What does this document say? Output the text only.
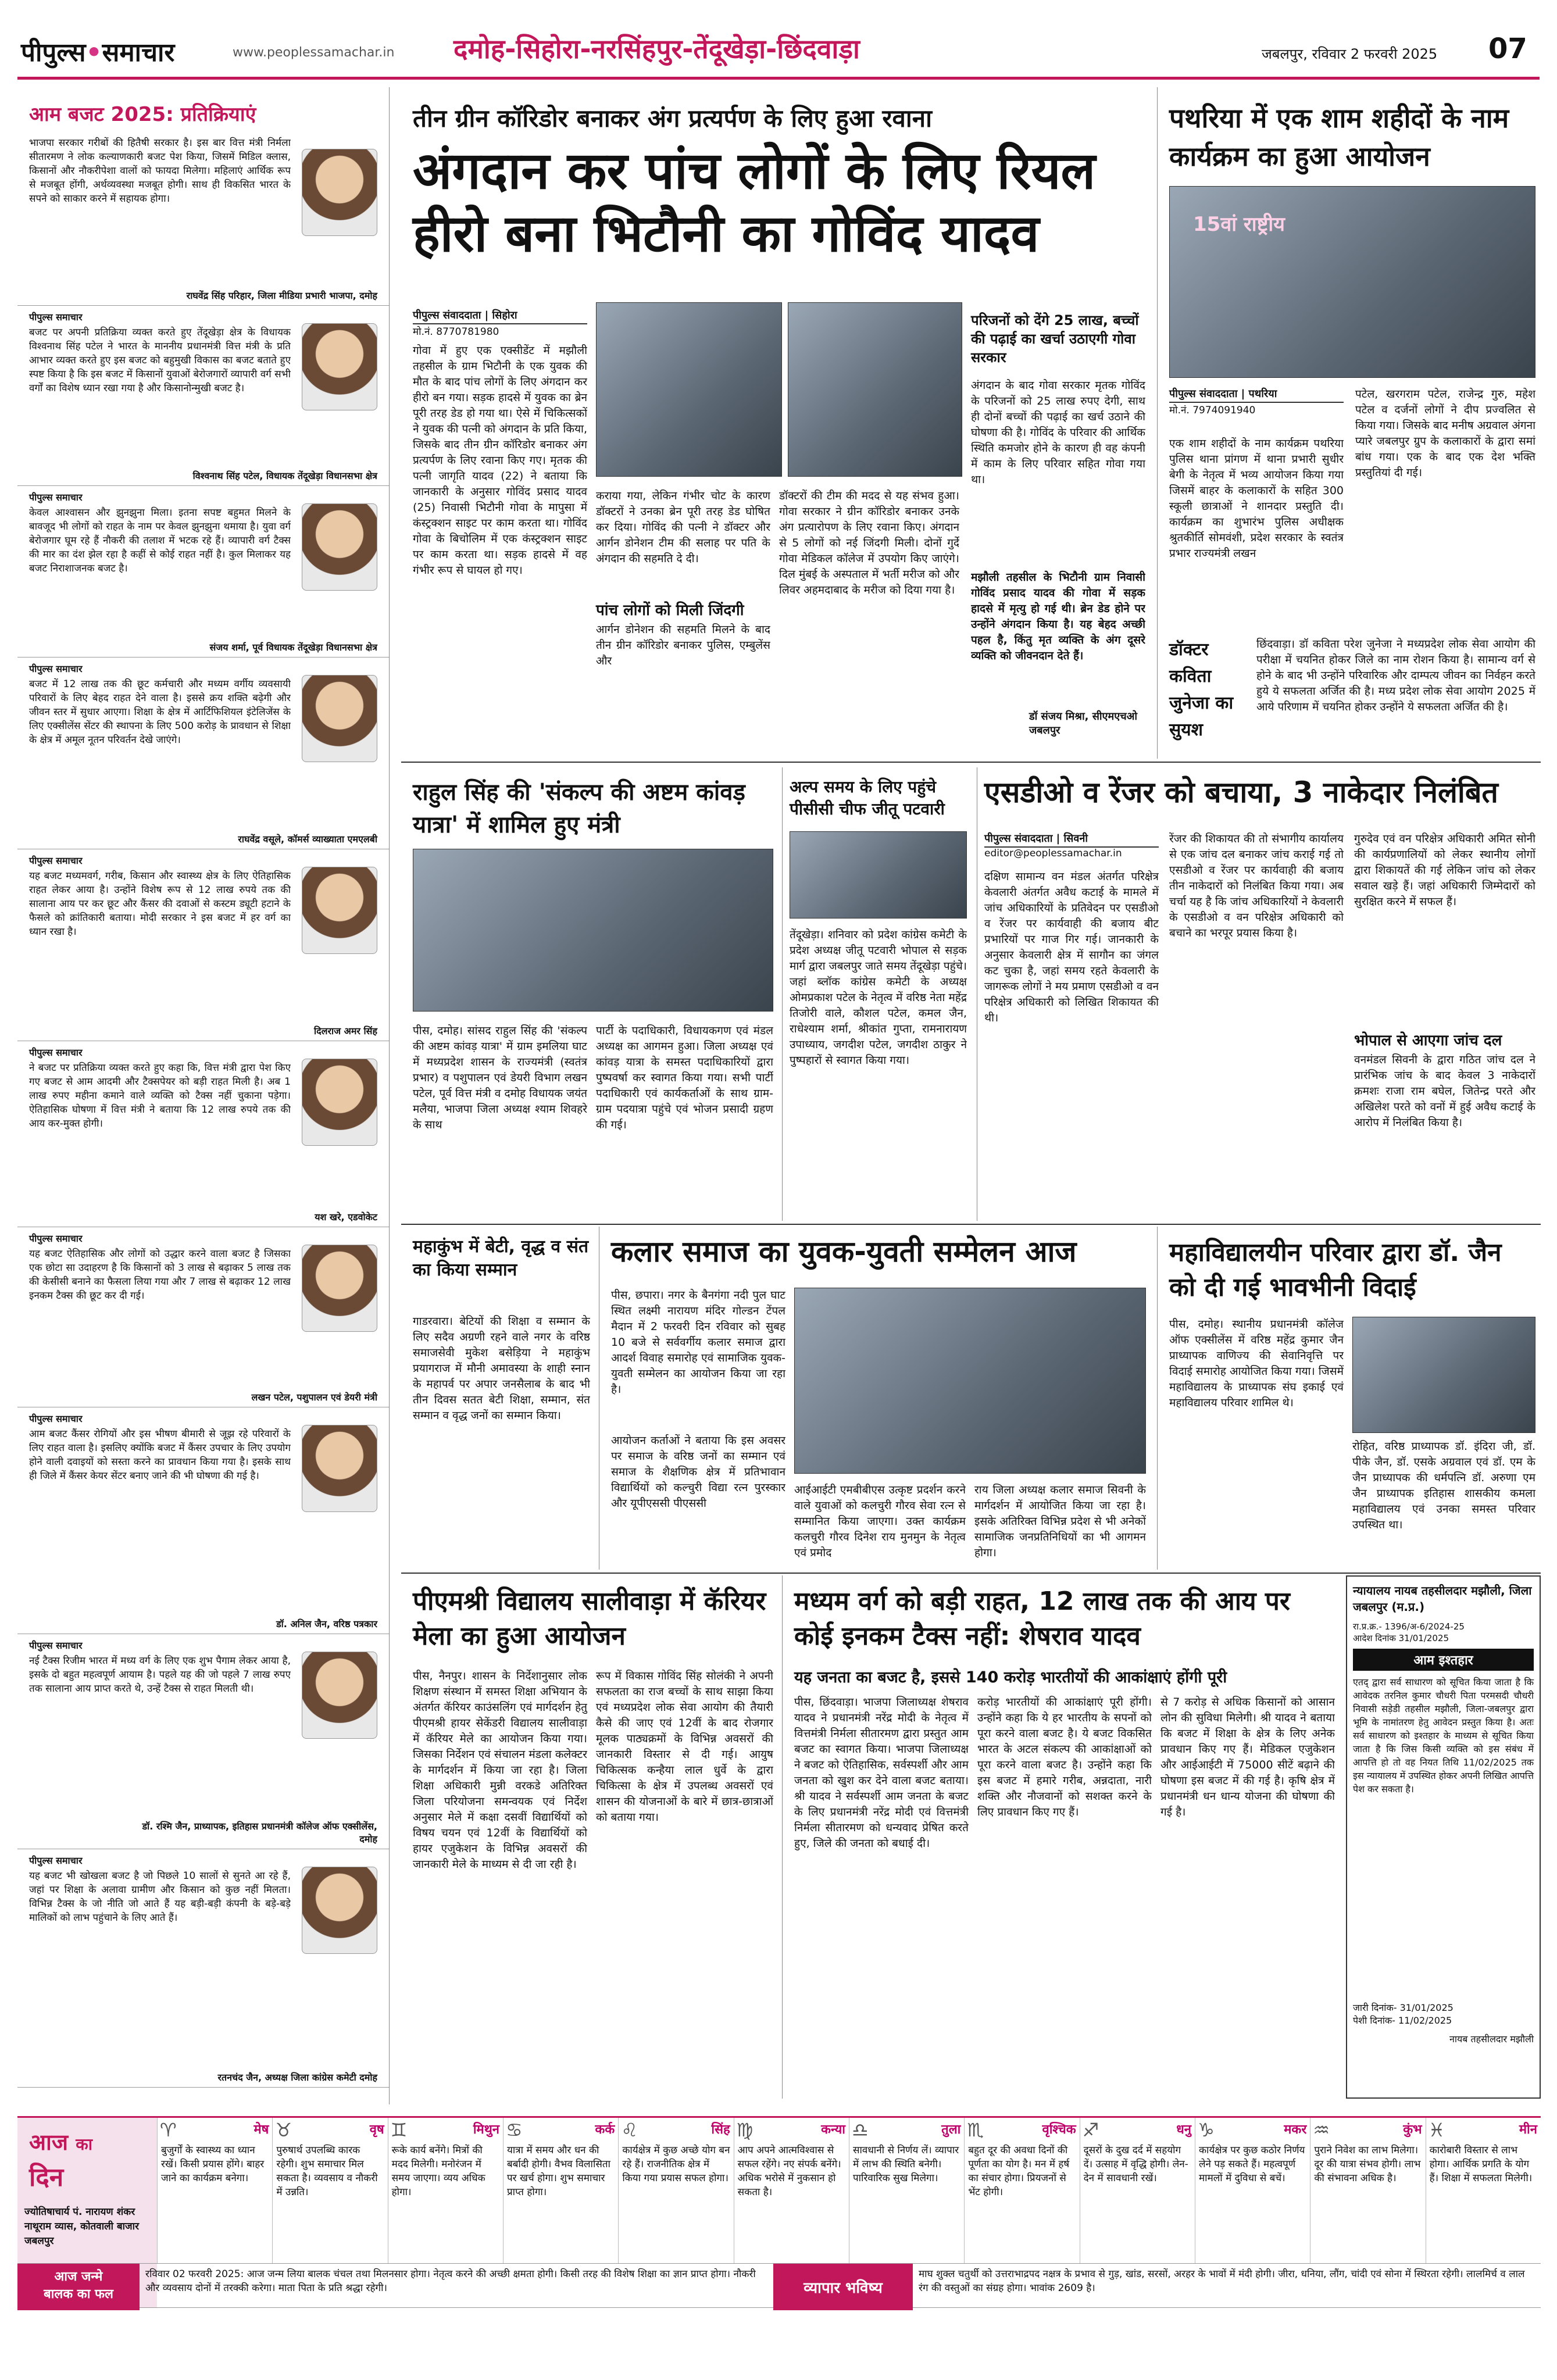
पीपुल्स•समाचार	www.peoplessamachar.in दमोह-सिहोरा-नरसिंहपुर-तेंदूखेड़ा-छिंदवाड़ा	जबलपुर, रविवार 2 फरवरी 2025 07
आम बजट 2025: प्रतिक्रियाएं
भाजपा सरकार गरीबों की हितैषी सरकार है। इस बार वित्त मंत्री निर्मला सीतारमण ने लोक कल्याणकारी बजट पेश किया, जिसमें मिडिल क्लास, किसानों और नौकरीपेशा वालों को फायदा मिलेगा। महिलाएं आर्थिक रूप से मजबूत होंगी, अर्थव्यवस्था मजबूत होगी। साथ ही विकसित भारत के सपने को साकार करने में सहायक होगा।
राघवेंद्र सिंह परिहार, जिला मीडिया प्रभारी भाजपा, दमोह
पीपुल्स समाचार
बजट पर अपनी प्रतिक्रिया व्यक्त करते हुए तेंदूखेड़ा क्षेत्र के विधायक विश्वनाथ सिंह पटेल ने भारत के माननीय प्रधानमंत्री वित्त मंत्री के प्रति आभार व्यक्त करते हुए इस बजट को बहुमुखी विकास का बजट बताते हुए स्पष्ट किया है कि इस बजट में किसानों युवाओं बेरोजगारों व्यापारी वर्ग सभी वर्गों का विशेष ध्यान रखा गया है और किसानोन्मुखी बजट है।
विश्वनाथ सिंह पटेल, विधायक तेंदूखेड़ा विधानसभा क्षेत्र
पीपुल्स समाचार
केवल आश्वासन और झुनझुना मिला। इतना सपष्ट बहुमत मिलने के बावजूद भी लोगों को राहत के नाम पर केवल झुनझुना थमाया है। युवा वर्ग बेरोजगार घूम रहे हैं नौकरी की तलाश में भटक रहे हैं। व्यापारी वर्ग टैक्स की मार का दंश झेल रहा है कहीं से कोई राहत नहीं है। कुल मिलाकर यह बजट निराशाजनक बजट है।
संजय शर्मा, पूर्व विधायक तेंदूखेड़ा विधानसभा क्षेत्र
पीपुल्स समाचार
बजट में 12 लाख तक की छूट कर्मचारी और मध्यम वर्गीय व्यवसायी परिवारों के लिए बेहद राहत देने वाला है। इससे क्रय शक्ति बढ़ेगी और जीवन स्तर में सुधार आएगा। शिक्षा के क्षेत्र में आर्टिफिशियल इंटेलिजेंस के लिए एक्सीलेंस सेंटर की स्थापना के लिए 500 करोड़ के प्रावधान से शिक्षा के क्षेत्र में अमूल नूतन परिवर्तन देखे जाएंगे।
राघवेंद्र वसूले, कॉमर्स व्याख्याता एमएलबी
पीपुल्स समाचार
यह बजट मध्यमवर्ग, गरीब, किसान और स्वास्थ्य क्षेत्र के लिए ऐतिहासिक राहत लेकर आया है। उन्होंने विशेष रूप से 12 लाख रुपये तक की सालाना आय पर कर छूट और कैंसर की दवाओं से कस्टम ड्यूटी हटाने के फैसले को क्रांतिकारी बताया। मोदी सरकार ने इस बजट में हर वर्ग का ध्यान रखा है।
दिलराज अमर सिंह
पीपुल्स समाचार
ने बजट पर प्रतिक्रिया व्यक्त करते हुए कहा कि, वित्त मंत्री द्वारा पेश किए गए बजट से आम आदमी और टैक्सपेयर को बड़ी राहत मिली है। अब 1 लाख रुपए महीना कमाने वाले व्यक्ति को टैक्स नहीं चुकाना पड़ेगा। ऐतिहासिक घोषणा में वित्त मंत्री ने बताया कि 12 लाख रुपये तक की आय कर-मुक्त होगी।
यश खरे, एडवोकेट
पीपुल्स समाचार
यह बजट ऐतिहासिक और लोगों को उद्धार करने वाला बजट है जिसका एक छोटा सा उदाहरण है कि किसानों को 3 लाख से बढ़ाकर 5 लाख तक की केसीसी बनाने का फैसला लिया गया और 7 लाख से बढ़ाकर 12 लाख इनकम टैक्स की छूट कर दी गई।
लखन पटेल, पशुपालन एवं डेयरी मंत्री
पीपुल्स समाचार
आम बजट कैंसर रोगियों और इस भीषण बीमारी से जूझ रहे परिवारों के लिए राहत वाला है। इसलिए क्योंकि बजट में कैंसर उपचार के लिए उपयोग होने वाली दवाइयों को सस्ता करने का प्रावधान किया गया है। इसके साथ ही जिले में कैंसर केयर सेंटर बनाए जाने की भी घोषणा की गई है।
डॉ. अनिल जैन, वरिष्ठ पत्रकार
पीपुल्स समाचार
नई टैक्स रिजीम भारत में मध्य वर्ग के लिए एक शुभ पैगाम लेकर आया है, इसके दो बहुत महत्वपूर्ण आयाम है। पहले यह की जो पहले 7 लाख रुपए तक सालाना आय प्राप्त करते थे, उन्हें टैक्स से राहत मिलती थी।
डॉ. रश्मि जैन, प्राध्यापक, इतिहास प्रधानमंत्री कॉलेज ऑफ एक्सीलेंस, दमोह
पीपुल्स समाचार
यह बजट भी खोखला बजट है जो पिछले 10 सालों से सुनते आ रहे हैं, जहां पर शिक्षा के अलावा ग्रामीण और किसान को कुछ नहीं मिलता। विभिन्न टैक्स के जो नीति जो आते हैं यह बड़ी-बड़ी कंपनी के बड़े-बड़े मालिकों को लाभ पहुंचाने के लिए आते हैं।
रतनचंद जैन, अध्यक्ष जिला कांग्रेस कमेटी दमोह
तीन ग्रीन कॉरिडोर बनाकर अंग प्रत्यर्पण के लिए हुआ रवाना
अंगदान कर पांच लोगों के लिए रियल हीरो बना भिटौनी का गोविंद यादव
पीपुल्स संवाददाता | सिहोरा
मो.नं. 8770781980
गोवा में हुए एक एक्सीडेंट में मझौली तहसील के ग्राम भिटौनी के एक युवक की मौत के बाद पांच लोगों के लिए अंगदान कर हीरो बन गया। सड़क हादसे में युवक का ब्रेन पूरी तरह डेड हो गया था। ऐसे में चिकित्सकों ने युवक की पत्नी को अंगदान के प्रति किया, जिसके बाद तीन ग्रीन कॉरिडोर बनाकर अंग प्रत्यर्पण के लिए रवाना किए गए। मृतक की पत्नी जागृति यादव (22) ने बताया कि जानकारी के अनुसार गोविंद प्रसाद यादव (25) निवासी भिटौनी गोवा के मापुसा में कंस्ट्रक्शन साइट पर काम करता था। गोविंद गोवा के बिचोलिम में एक कंस्ट्रक्शन साइट पर काम करता था। सड़क हादसे में वह गंभीर रूप से घायल हो गए।
कराया गया, लेकिन गंभीर चोट के कारण डॉक्टरों ने उनका ब्रेन पूरी तरह डेड घोषित कर दिया। गोविंद की पत्नी ने डॉक्टर और आर्गन डोनेशन टीम की सलाह पर पति के अंगदान की सहमति दे दी।
पांच लोगों को मिली जिंदगी
आर्गन डोनेशन की सहमति मिलने के बाद तीन ग्रीन कॉरिडोर बनाकर पुलिस, एम्बुलेंस और
डॉक्टरों की टीम की मदद से यह संभव हुआ। गोवा सरकार ने ग्रीन कॉरिडोर बनाकर उनके अंग प्रत्यारोपण के लिए रवाना किए। अंगदान से 5 लोगों को नई जिंदगी मिली। दोनों गुर्दे गोवा मेडिकल कॉलेज में उपयोग किए जाएंगे। दिल मुंबई के अस्पताल में भर्ती मरीज को और लिवर अहमदाबाद के मरीज को दिया गया है।
परिजनों को देंगे 25 लाख, बच्चों की पढ़ाई का खर्चा उठाएगी गोवा सरकार
अंगदान के बाद गोवा सरकार मृतक गोविंद के परिजनों को 25 लाख रुपए देगी, साथ ही दोनों बच्चों की पढ़ाई का खर्च उठाने की घोषणा की है। गोविंद के परिवार की आर्थिक स्थिति कमजोर होने के कारण ही वह कंपनी में काम के लिए परिवार सहित गोवा गया था।
मझौली तहसील के भिटौनी ग्राम निवासी गोविंद प्रसाद यादव की गोवा में सड़क हादसे में मृत्यु हो गई थी। ब्रेन डेड होने पर उन्होंने अंगदान किया है। यह बेहद अच्छी पहल है, किंतु मृत व्यक्ति के अंग दूसरे व्यक्ति को जीवनदान देते हैं।
डॉ संजय मिश्रा, सीएमएचओ जबलपुर
पथरिया में एक शाम शहीदों के नाम कार्यक्रम का हुआ आयोजन
15वां राष्ट्रीय
पीपुल्स संवाददाता | पथरिया
मो.नं. 7974091940
एक शाम शहीदों के नाम कार्यक्रम पथरिया पुलिस थाना प्रांगण में थाना प्रभारी सुधीर बेगी के नेतृत्व में भव्य आयोजन किया गया जिसमें बाहर के कलाकारों के सहित 300 स्कूली छात्राओं ने शानदार प्रस्तुति दी। कार्यक्रम का शुभारंभ पुलिस अधीक्षक श्रुतकीर्ति सोमवंशी, प्रदेश सरकार के स्वतंत्र प्रभार राज्यमंत्री लखन
पटेल, खरगराम पटेल, राजेन्द्र गुरु, महेश पटेल व दर्जनों लोगों ने दीप प्रज्वलित से किया गया। जिसके बाद मनीष अग्रवाल अंगना प्यारे जबलपुर ग्रुप के कलाकारों के द्वारा समां बांध गया। एक के बाद एक देश भक्ति प्रस्तुतियां दी गई।
डॉक्टर कविता जुनेजा का सुयश
छिंदवाड़ा। डॉ कविता परेश जुनेजा ने मध्यप्रदेश लोक सेवा आयोग की परीक्षा में चयनित होकर जिले का नाम रोशन किया है। सामान्य वर्ग से होने के बाद भी उन्होंने परिवारिक और दाम्पत्य जीवन का निर्वहन करते हुये ये सफलता अर्जित की है। मध्य प्रदेश लोक सेवा आयोग 2025 में आये परिणाम में चयनित होकर उन्होंने ये सफलता अर्जित की है।
राहुल सिंह की 'संकल्प की अष्टम कांवड़ यात्रा' में शामिल हुए मंत्री
पीस, दमोह। सांसद राहुल सिंह की 'संकल्प की अष्टम कांवड़ यात्रा' में ग्राम इमलिया घाट में मध्यप्रदेश शासन के राज्यमंत्री (स्वतंत्र प्रभार) व पशुपालन एवं डेयरी विभाग लखन पटेल, पूर्व वित्त मंत्री व दमोह विधायक जयंत मलैया, भाजपा जिला अध्यक्ष श्याम शिवहरे के साथ
पार्टी के पदाधिकारी, विधायकगण एवं मंडल अध्यक्ष का आगमन हुआ। जिला अध्यक्ष एवं कांवड़ यात्रा के समस्त पदाधिकारियों द्वारा पुष्पवर्षा कर स्वागत किया गया। सभी पार्टी पदाधिकारी एवं कार्यकर्ताओं के साथ ग्राम-ग्राम पदयात्रा पहुंचे एवं भोजन प्रसादी ग्रहण की गई।
अल्प समय के लिए पहुंचे पीसीसी चीफ जीतू पटवारी
तेंदूखेड़ा। शनिवार को प्रदेश कांग्रेस कमेटी के प्रदेश अध्यक्ष जीतू पटवारी भोपाल से सड़क मार्ग द्वारा जबलपुर जाते समय तेंदूखेड़ा पहुंचे। जहां ब्लॉक कांग्रेस कमेटी के अध्यक्ष ओमप्रकाश पटेल के नेतृत्व में वरिष्ठ नेता महेंद्र तिजोरी वाले, कौशल पटेल, कमल जैन, राधेश्याम शर्मा, श्रीकांत गुप्ता, रामनारायण उपाध्याय, जगदीश पटेल, जगदीश ठाकुर ने पुष्पहारों से स्वागत किया गया।
एसडीओ व रेंजर को बचाया, 3 नाकेदार निलंबित
पीपुल्स संवाददाता | सिवनी
editor@peoplessamachar.in
दक्षिण सामान्य वन मंडल अंतर्गत परिक्षेत्र केवलारी अंतर्गत अवैध कटाई के मामले में जांच अधिकारियों के प्रतिवेदन पर एसडीओ व रेंजर पर कार्यवाही की बजाय बीट प्रभारियों पर गाज गिर गई। जानकारी के अनुसार केवलारी क्षेत्र में सागौन का जंगल कट चुका है, जहां समय रहते केवलारी के जागरूक लोगों ने मय प्रमाण एसडीओ व वन परिक्षेत्र अधिकारी को लिखित शिकायत की थी।
रेंजर की शिकायत की तो संभागीय कार्यालय से एक जांच दल बनाकर जांच कराई गई तो एसडीओ व रेंजर पर कार्यवाही की बजाय तीन नाकेदारों को निलंबित किया गया। अब चर्चा यह है कि जांच अधिकारियों ने केवलारी के एसडीओ व वन परिक्षेत्र अधिकारी को बचाने का भरपूर प्रयास किया है।
गुरुदेव एवं वन परिक्षेत्र अधिकारी अमित सोनी की कार्यप्रणालियों को लेकर स्थानीय लोगों द्वारा शिकायतें की गई लेकिन जांच को लेकर सवाल खड़े हैं। जहां अधिकारी जिम्मेदारों को सुरक्षित करने में सफल हैं।
भोपाल से आएगा जांच दल
वनमंडल सिवनी के द्वारा गठित जांच दल ने प्रारंभिक जांच के बाद केवल 3 नाकेदारों क्रमशः राजा राम बघेल, जितेन्द्र परते और अखिलेश परते को वनों में हुई अवैध कटाई के आरोप में निलंबित किया है।
महाकुंभ में बेटी, वृद्ध व संत का किया सम्मान
गाडरवारा। बेटियों की शिक्षा व सम्मान के लिए सदैव अग्रणी रहने वाले नगर के वरिष्ठ समाजसेवी मुकेश बसेड़िया ने महाकुंभ प्रयागराज में मौनी अमावस्या के शाही स्नान के महापर्व पर अपार जनसैलाब के बाद भी तीन दिवस सतत बेटी शिक्षा, सम्मान, संत सम्मान व वृद्ध जनों का सम्मान किया।
कलार समाज का युवक-युवती सम्मेलन आज
पीस, छपारा। नगर के बैनगंगा नदी पुल घाट स्थित लक्ष्मी नारायण मंदिर गोल्डन टेंपल मैदान में 2 फरवरी दिन रविवार को सुबह 10 बजे से सर्ववर्गीय कलार समाज द्वारा आदर्श विवाह समारोह एवं सामाजिक युवक-युवती सम्मेलन का आयोजन किया जा रहा है।
आयोजन कर्ताओं ने बताया कि इस अवसर पर समाज के वरिष्ठ जनों का सम्मान एवं समाज के शैक्षणिक क्षेत्र में प्रतिभावान विद्यार्थियों को कल्चुरी विद्या रत्न पुरस्कार और यूपीएससी पीएससी
आईआईटी एमबीबीएस उत्कृष्ट प्रदर्शन करने वाले युवाओं को कलचुरी गौरव सेवा रत्न से सम्मानित किया जाएगा। उक्त कार्यक्रम कलचुरी गौरव दिनेश राय मुनमुन के नेतृत्व एवं प्रमोद
राय जिला अध्यक्ष कलार समाज सिवनी के मार्गदर्शन में आयोजित किया जा रहा है। इसके अतिरिक्त विभिन्न प्रदेश से भी अनेकों सामाजिक जनप्रतिनिधियों का भी आगमन होगा।
महाविद्यालयीन परिवार द्वारा डॉ. जैन को दी गई भावभीनी विदाई
पीस, दमोह। स्थानीय प्रधानमंत्री कॉलेज ऑफ एक्सीलेंस में वरिष्ठ महेंद्र कुमार जैन प्राध्यापक वाणिज्य की सेवानिवृत्ति पर विदाई समारोह आयोजित किया गया। जिसमें महाविद्यालय के प्राध्यापक संघ इकाई एवं महाविद्यालय परिवार शामिल थे।
रोहित, वरिष्ठ प्राध्यापक डॉ. इंदिरा जी, डॉ. पीके जैन, डॉ. एसके अग्रवाल एवं डॉ. एम के जैन प्राध्यापक की धर्मपत्नि डॉ. अरुणा एम जैन प्राध्यापक इतिहास शासकीय कमला महाविद्यालय एवं उनका समस्त परिवार उपस्थित था।
पीएमश्री विद्यालय सालीवाड़ा में कॅरियर मेला का हुआ आयोजन
पीस, नैनपुर। शासन के निर्देशानुसार लोक शिक्षण संस्थान में समस्त शिक्षा अभियान के अंतर्गत कॅरियर काउंसलिंग एवं मार्गदर्शन हेतु पीएमश्री हायर सेकेंडरी विद्यालय सालीवाड़ा में कॅरियर मेले का आयोजन किया गया। जिसका निर्देशन एवं संचालन मंडला कलेक्टर के मार्गदर्शन में किया जा रहा है। जिला शिक्षा अधिकारी मुन्नी वरकडे अतिरिक्त जिला परियोजना समन्वयक एवं निर्देश अनुसार मेले में कक्षा दसवीं विद्यार्थियों को विषय चयन एवं 12वीं के विद्यार्थियों को हायर एजुकेशन के विभिन्न अवसरों की जानकारी मेले के माध्यम से दी जा रही है।
रूप में विकास गोविंद सिंह सोलंकी ने अपनी सफलता का राज बच्चों के साथ साझा किया एवं मध्यप्रदेश लोक सेवा आयोग की तैयारी कैसे की जाए एवं 12वीं के बाद रोजगार मूलक पाठ्यक्रमों के विभिन्न अवसरों की जानकारी विस्तार से दी गई। आयुष चिकित्सक कन्हैया लाल धुर्वे के द्वारा चिकित्सा के क्षेत्र में उपलब्ध अवसरों एवं शासन की योजनाओं के बारे में छात्र-छात्राओं को बताया गया।
मध्यम वर्ग को बड़ी राहत, 12 लाख तक की आय पर कोई इनकम टैक्स नहीं: शेषराव यादव
यह जनता का बजट है, इससे 140 करोड़ भारतीयों की आकांक्षाएं होंगी पूरी
पीस, छिंदवाड़ा। भाजपा जिलाध्यक्ष शेषराव यादव ने प्रधानमंत्री नरेंद्र मोदी के नेतृत्व में वित्तमंत्री निर्मला सीतारमण द्वारा प्रस्तुत आम बजट का स्वागत किया। भाजपा जिलाध्यक्ष ने बजट को ऐतिहासिक, सर्वस्पर्शी और आम जनता को खुश कर देने वाला बजट बताया। श्री यादव ने सर्वस्पर्शी आम जनता के बजट के लिए प्रधानमंत्री नरेंद्र मोदी एवं वित्तमंत्री निर्मला सीतारमण को धन्यवाद प्रेषित करते हुए, जिले की जनता को बधाई दी।
करोड़ भारतीयों की आकांक्षाएं पूरी होंगी। उन्होंने कहा कि ये हर भारतीय के सपनों को पूरा करने वाला बजट है। ये बजट विकसित भारत के अटल संकल्प की आकांक्षाओं को पूरा करने वाला बजट है। उन्होंने कहा कि इस बजट में हमारे गरीब, अन्नदाता, नारी शक्ति और नौजवानों को सशक्त करने के लिए प्रावधान किए गए हैं।
से 7 करोड़ से अधिक किसानों को आसान लोन की सुविधा मिलेगी। श्री यादव ने बताया कि बजट में शिक्षा के क्षेत्र के लिए अनेक प्रावधान किए गए हैं। मेडिकल एजुकेशन और आईआईटी में 75000 सीटें बढ़ाने की घोषणा इस बजट में की गई है। कृषि क्षेत्र में प्रधानमंत्री धन धान्य योजना की घोषणा की गई है।
न्यायालय नायब तहसीलदार मझौली, जिला जबलपुर (म.प्र.)
रा.प्र.क्र.- 1396/अ-6/2024-25
आदेश दिनांक 31/01/2025
आम इश्तहार
एतद् द्वारा सर्व साधारण को सूचित किया जाता है कि आवेदक तरनिल कुमार चौधरी पिता परमसदी चौधरी निवासी सड़ेडी तहसील मझौली, जिला-जबलपुर द्वारा भूमि के नामांतरण हेतु आवेदन प्रस्तुत किया है। अतः सर्व साधारण को इश्तहार के माध्यम से सूचित किया जाता है कि जिस किसी व्यक्ति को इस संबंध में आपत्ति हो तो वह नियत तिथि 11/02/2025 तक इस न्यायालय में उपस्थित होकर अपनी लिखित आपत्ति पेश कर सकता है।
जारी दिनांक- 31/01/2025
पेशी दिनांक- 11/02/2025
नायब तहसीलदार मझौली
आज का
दिन
ज्योतिषाचार्य पं. नारायण शंकर नाथूराम व्यास, कोतवाली बाजार जबलपुर
♈	मेष
बुजुर्गों के स्वास्थ्य का ध्यान रखें। किसी प्रयास होंगे। बाहर जाने का कार्यक्रम बनेगा।
♉	वृष
पुरुषार्थ उपलब्धि कारक रहेगी। शुभ समाचार मिल सकता है। व्यवसाय व नौकरी में उन्नति।
♊	मिथुन
रूके कार्य बनेंगे। मित्रों की मदद मिलेगी। मनोरंजन में समय जाएगा। व्यय अधिक होगा।
♋	कर्क
यात्रा में समय और धन की बर्बादी होगी। वैभव विलासिता पर खर्च होगा। शुभ समाचार प्राप्त होगा।
♌	सिंह
कार्यक्षेत्र में कुछ अच्छे योग बन रहे हैं। राजनीतिक क्षेत्र में किया गया प्रयास सफल होगा।
♍	कन्या
आप अपने आत्मविश्वास से सफल रहेंगे। नए संपर्क बनेंगे। अधिक भरोसे में नुकसान हो सकता है।
♎	तुला
सावधानी से निर्णय लें। व्यापार में लाभ की स्थिति बनेगी। पारिवारिक सुख मिलेगा।
♏	वृश्चिक
बहुत दूर की अवधा दिनों की पूर्णता का योग है। मन में हर्ष का संचार होगा। प्रियजनों से भेंट होगी।
♐	धनु
दूसरों के दुख दर्द में सहयोग दें। उत्साह में वृद्धि होगी। लेन-देन में सावधानी रखें।
♑	मकर
कार्यक्षेत्र पर कुछ कठोर निर्णय लेने पड़ सकते हैं। महत्वपूर्ण मामलों में दुविधा से बचें।
♒	कुंभ
पुराने निवेश का लाभ मिलेगा। दूर की यात्रा संभव होगी। लाभ की संभावना अधिक है।
♓	मीन
कारोबारी विस्तार से लाभ होगा। आर्थिक प्रगति के योग हैं। शिक्षा में सफलता मिलेगी।
आज जन्मे
बालक का फल
रविवार 02 फरवरी 2025: आज जन्म लिया बालक चंचल तथा मिलनसार होगा। नेतृत्व करने की अच्छी क्षमता होगी। किसी तरह की विशेष शिक्षा का ज्ञान प्राप्त होगा। नौकरी और व्यवसाय दोनों में तरक्की करेगा। माता पिता के प्रति श्रद्धा रहेगी।	व्यापार भविष्य
माघ शुक्ल चतुर्थी को उत्तराभाद्रपद नक्षत्र के प्रभाव से गुड़, खांड, सरसों, अरहर के भावों में मंदी होगी। जीरा, धनिया, लौंग, चांदी एवं सोना में स्थिरता रहेगी। लालमिर्च व लाल रंग की वस्तुओं का संग्रह होगा। भावांक 2609 है।
